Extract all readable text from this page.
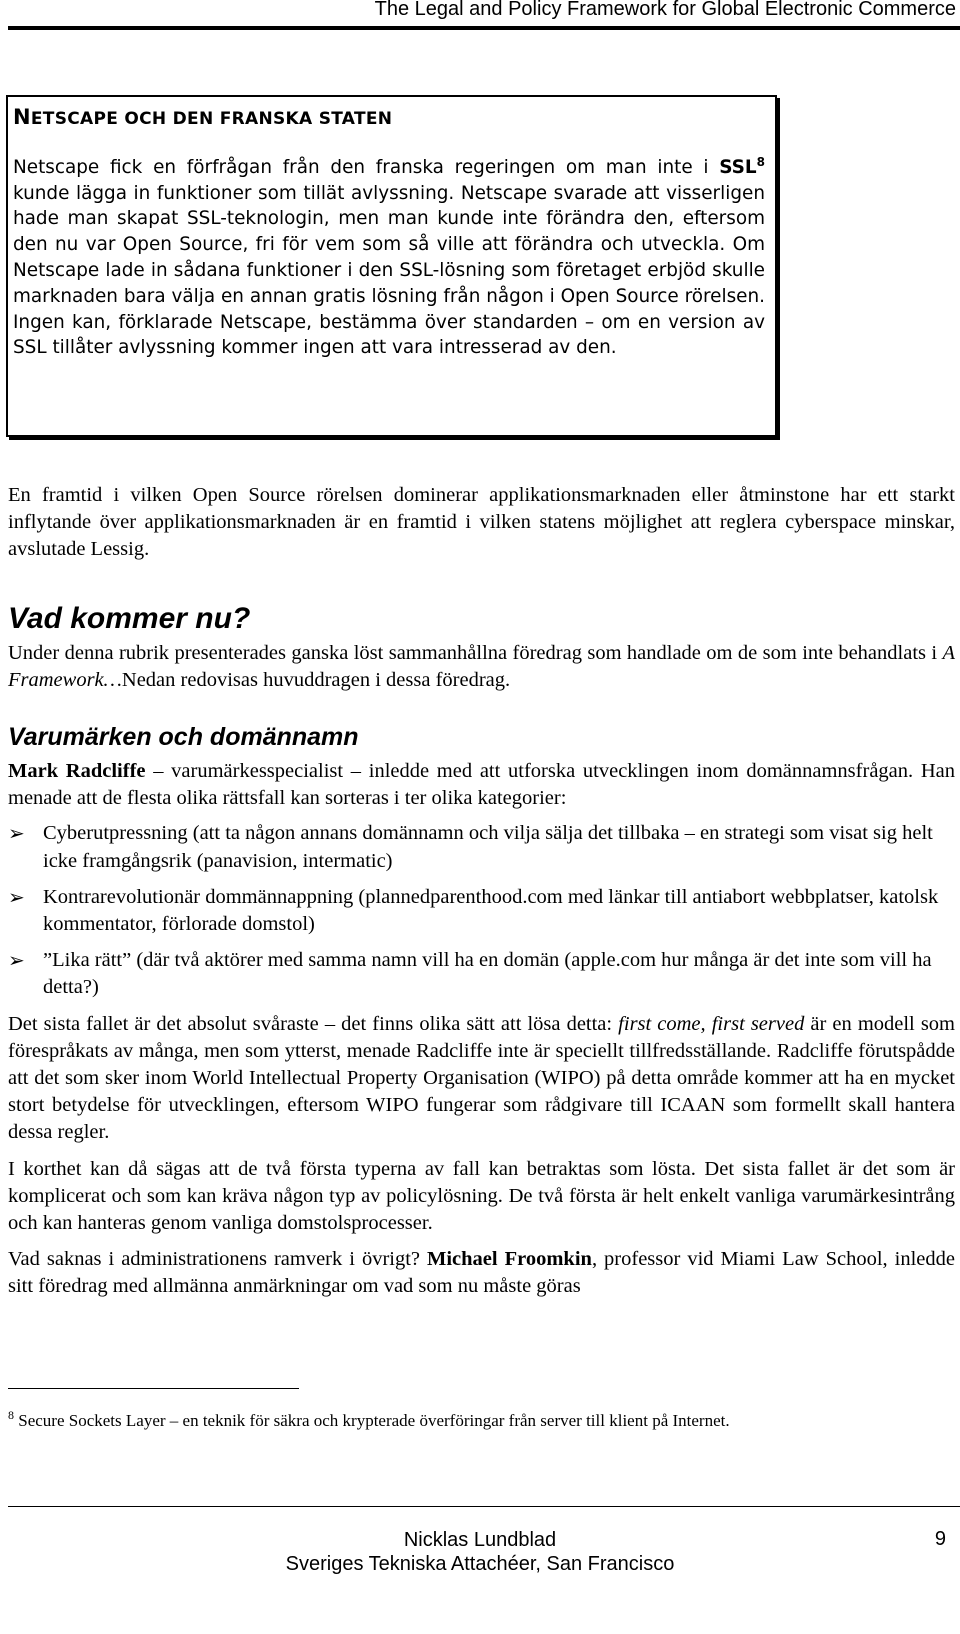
The Legal and Policy Framework for Global Electronic Commerce
NETSCAPE OCH DEN FRANSKA STATEN

Netscape fick en förfrågan från den franska regeringen om man inte i SSL$^8$ kunde lägga in funktioner som tillät avlyssning. Netscape svarade att visserligen hade man skapat SSL-teknologin, men man kunde inte förändra den, eftersom den nu var Open Source, fri för vem som så ville att förändra och utveckla. Om Netscape lade in sådana funktioner i den SSL-lösning som företaget erbjöd skulle marknaden bara välja en annan gratis lösning från någon i Open Source rörelsen. Ingen kan, förklarade Netscape, bestämma över standarden – om en version av SSL tillåter avlyssning kommer ingen att vara intresserad av den.

En framtid i vilken Open Source rörelsen dominerar applikationsmarknaden eller åtminstone har ett starkt inflytande över applikationsmarknaden är en framtid i vilken statens möjlighet att reglera cyberspace minskar, avslutade Lessig.

Vad kommer nu?

Under denna rubrik presenterades ganska löst sammanhållna föredrag som handlade om de som inte behandlats i A Framework…Nedan redovisas huvuddragen i dessa föredrag.

Varumärken och domännamn

Mark Radcliffe – varumärkesspecialist – inledde med att utforska utvecklingen inom domännamnsfrågan. Han menade att de flesta olika rättsfall kan sorteras i ter olika kategorier:

➢ Cyberutpressning (att ta någon annans domännamn och vilja sälja det tillbaka – en strategi som visat sig helt icke framgångsrik (panavision, intermatic)
➢ Kontrarevolutionär dommännappning (plannedparenthood.com med länkar till antiabort webbplatser, katolsk kommentator, förlorade domstol)
➢ ”Lika rätt” (där två aktörer med samma namn vill ha en domän (apple.com hur många är det inte som vill ha detta?)

Det sista fallet är det absolut svåraste – det finns olika sätt att lösa detta: first come, first served är en modell som förespråkats av många, men som ytterst, menade Radcliffe inte är speciellt tillfredsställande. Radcliffe förutspådde att det som sker inom World Intellectual Property Organisation (WIPO) på detta område kommer att ha en mycket stort betydelse för utvecklingen, eftersom WIPO fungerar som rådgivare till ICAAN som formellt skall hantera dessa regler.

I korthet kan då sägas att de två första typerna av fall kan betraktas som lösta. Det sista fallet är det som är komplicerat och som kan kräva någon typ av policylösning. De två första är helt enkelt vanliga varumärkesintrång och kan hanteras genom vanliga domstolsprocesser.

Vad saknas i administrationens ramverk i övrigt? Michael Froomkin, professor vid Miami Law School, inledde sitt föredrag med allmänna anmärkningar om vad som nu måste göras

$^8$ Secure Sockets Layer – en teknik för säkra och krypterade överföringar från server till klient på Internet.
Nicklas Lundblad
Sveriges Tekniska Attachéer, San Francisco
9
